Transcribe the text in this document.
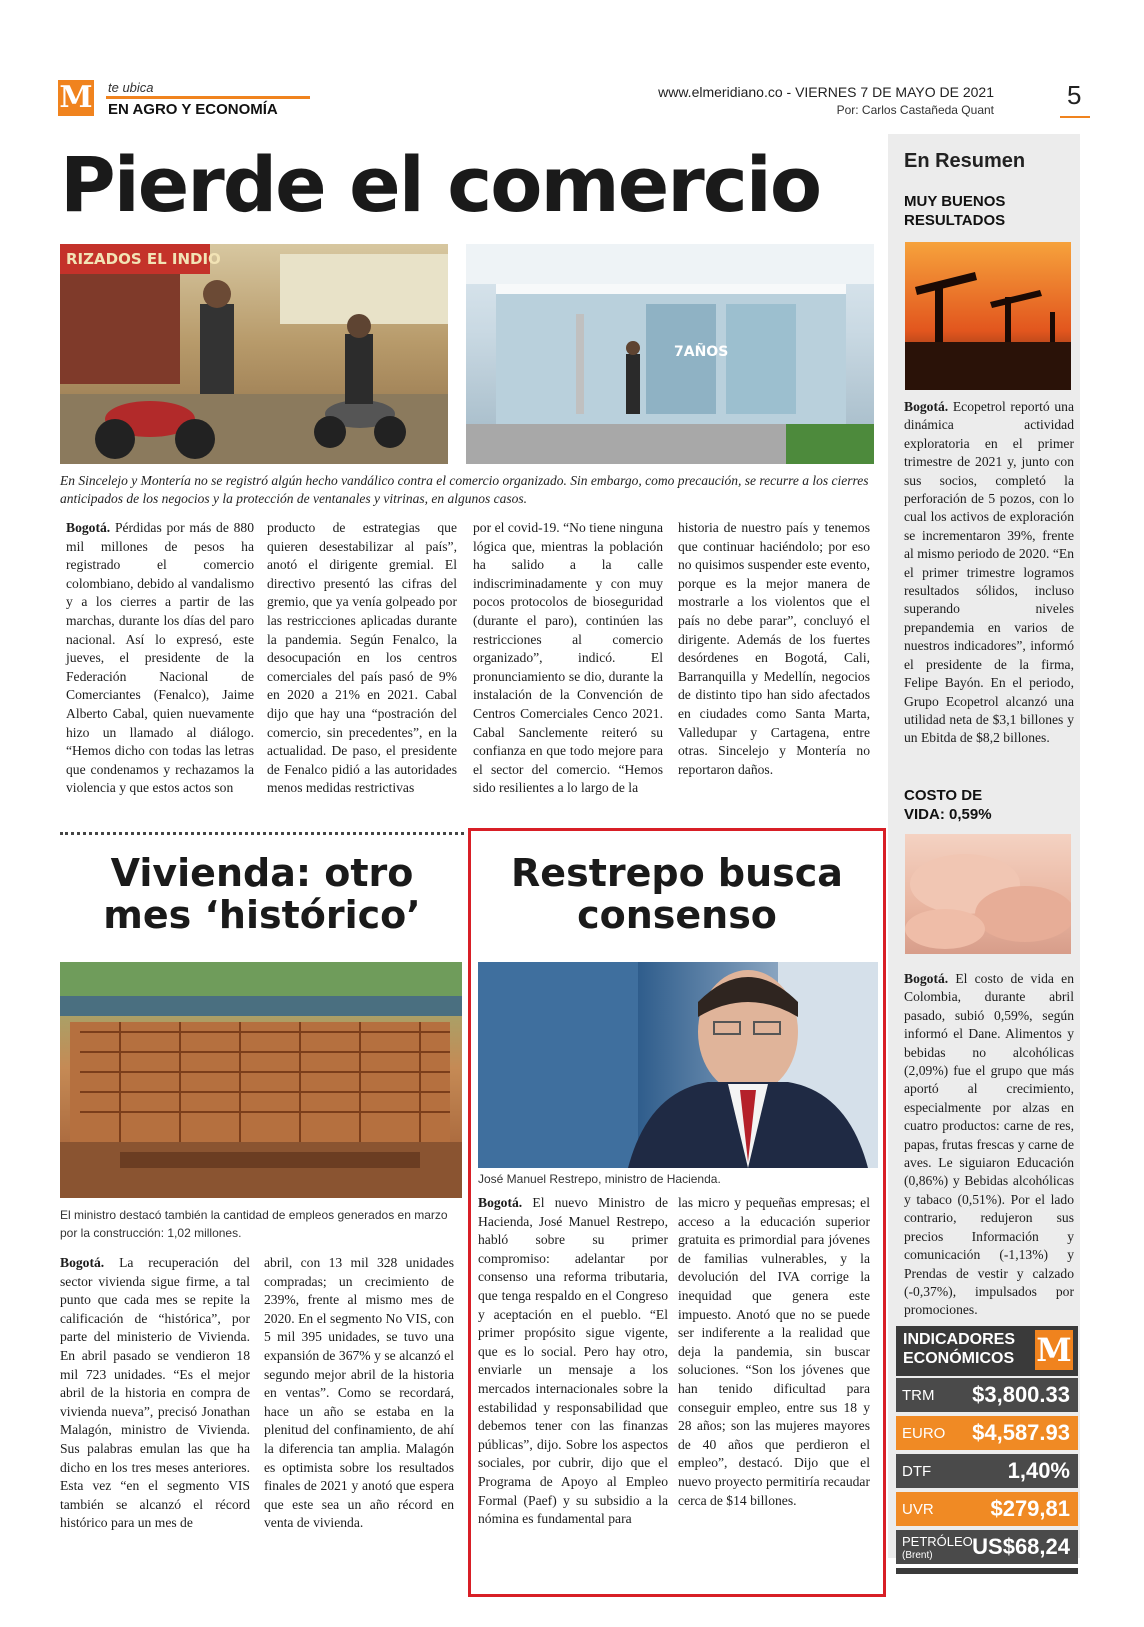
M te ubica
EN AGRO Y ECONOMÍA
www.elmeridiano.co - VIERNES 7 DE MAYO DE 2021
Por: Carlos Castañeda Quant	5
Pierde el comercio
RIZADOS EL INDIO
7AÑOS
En Sincelejo y Montería no se registró algún hecho vandálico contra el comercio organizado. Sin embargo, como precaución, se recurre a los cierres anticipados de los negocios y la protección de ventanales y vitrinas, en algunos casos.
Bogotá. Pérdidas por más de 880 mil millones de pesos ha registrado el comercio colombiano, debido al vandalismo y a los cierres a partir de las marchas, durante los días del paro nacional. Así lo expresó, este jueves, el presidente de la Federación Nacional de Comerciantes (Fenalco), Jaime Alberto Cabal, quien nuevamente hizo un llamado al diálogo. “Hemos dicho con todas las letras que condenamos y rechazamos la violencia y que estos actos son
producto de estrategias que quieren desestabilizar al país”, anotó el dirigente gremial. El directivo presentó las cifras del gremio, que ya venía golpeado por las restricciones aplicadas durante la pandemia. Según Fenalco, la desocupación en los centros comerciales del país pasó de 9% en 2020 a 21% en 2021. Cabal dijo que hay una “postración del comercio, sin precedentes”, en la actualidad. De paso, el presidente de Fenalco pidió a las autoridades menos medidas restrictivas
por el covid-19. “No tiene ninguna lógica que, mientras la población ha salido a la calle indiscriminadamente y con muy pocos protocolos de bioseguridad (durante el paro), continúen las restricciones al comercio organizado”, indicó. El pronunciamiento se dio, durante la instalación de la Convención de Centros Comerciales Cenco 2021. Cabal Sanclemente reiteró su confianza en que todo mejore para el sector del comercio. “Hemos sido resilientes a lo largo de la
historia de nuestro país y tenemos que continuar haciéndolo; por eso no quisimos suspender este evento, porque es la mejor manera de mostrarle a los violentos que el país no debe parar”, concluyó el dirigente. Además de los fuertes desórdenes en Bogotá, Cali, Barranquilla y Medellín, negocios de distinto tipo han sido afectados en ciudades como Santa Marta, Valledupar y Cartagena, entre otras. Sincelejo y Montería no reportaron daños.
Vivienda: otro
mes ‘histórico’
El ministro destacó también la cantidad de empleos generados en marzo por la construcción: 1,02 millones.
Bogotá. La recuperación del sector vivienda sigue firme, a tal punto que cada mes se repite la calificación de “histórica”, por parte del ministerio de Vivienda. En abril pasado se vendieron 18 mil 723 unidades. “Es el mejor abril de la historia en compra de vivienda nueva”, precisó Jonathan Malagón, ministro de Vivienda. Sus palabras emulan las que ha dicho en los tres meses anteriores. Esta vez “en el segmento VIS también se alcanzó el récord histórico para un mes de
abril, con 13 mil 328 unidades compradas; un crecimiento de 239%, frente al mismo mes de 2020. En el segmento No VIS, con 5 mil 395 unidades, se tuvo una expansión de 367% y se alcanzó el segundo mejor abril de la historia en ventas”. Como se recordará, hace un año se estaba en la plenitud del confinamiento, de ahí la diferencia tan amplia. Malagón es optimista sobre los resultados finales de 2021 y anotó que espera que este sea un año récord en venta de vivienda.
Restrepo busca
consenso
José Manuel Restrepo, ministro de Hacienda.
Bogotá. El nuevo Ministro de Hacienda, José Manuel Restrepo, habló sobre su primer compromiso: adelantar por consenso una reforma tributaria, que tenga respaldo en el Congreso y aceptación en el pueblo. “El primer propósito sigue vigente, que es lo social. Pero hay otro, enviarle un mensaje a los mercados internacionales sobre la estabilidad y responsabilidad que debemos tener con las finanzas públicas”, dijo. Sobre los aspectos sociales, por cubrir, dijo que el Programa de Apoyo al Empleo Formal (Paef) y su subsidio a la nómina es fundamental para
las micro y pequeñas empresas; el acceso a la educación superior gratuita es primordial para jóvenes de familias vulnerables, y la devolución del IVA corrige la inequidad que genera este impuesto. Anotó que no se puede ser indiferente a la realidad que deja la pandemia, sin buscar soluciones. “Son los jóvenes que han tenido dificultad para conseguir empleo, entre sus 18 y 28 años; son las mujeres mayores de 40 años que perdieron el empleo”, destacó. Dijo que el nuevo proyecto permitiría recaudar cerca de $14 billones.
En Resumen
MUY BUENOS
RESULTADOS
Bogotá. Ecopetrol reportó una dinámica actividad exploratoria en el primer trimestre de 2021 y, junto con sus socios, completó la perforación de 5 pozos, con lo cual los activos de exploración se incrementaron 39%, frente al mismo periodo de 2020. “En el primer trimestre logramos resultados sólidos, incluso superando niveles prepandemia en varios de nuestros indicadores”, informó el presidente de la firma, Felipe Bayón. En el periodo, Grupo Ecopetrol alcanzó una utilidad neta de $3,1 billones y un Ebitda de $8,2 billones.
COSTO DE
VIDA: 0,59%
Bogotá. El costo de vida en Colombia, durante abril pasado, subió 0,59%, según informó el Dane. Alimentos y bebidas no alcohólicas (2,09%) fue el grupo que más aportó al crecimiento, especialmente por alzas en cuatro productos: carne de res, papas, frutas frescas y carne de aves. Le siguiaron Educación (0,86%) y Bebidas alcohólicas y tabaco (0,51%). Por el lado contrario, redujeron sus precios Información y comunicación (-1,13%) y Prendas de vestir y calzado (-0,37%), impulsados por promociones.
INDICADORES
ECONÓMICOS M
TRM $3,800.33
EURO $4,587.93
DTF	1,40%
UVR	$279,81
PETRÓLEO
(Brent) US$68,24
